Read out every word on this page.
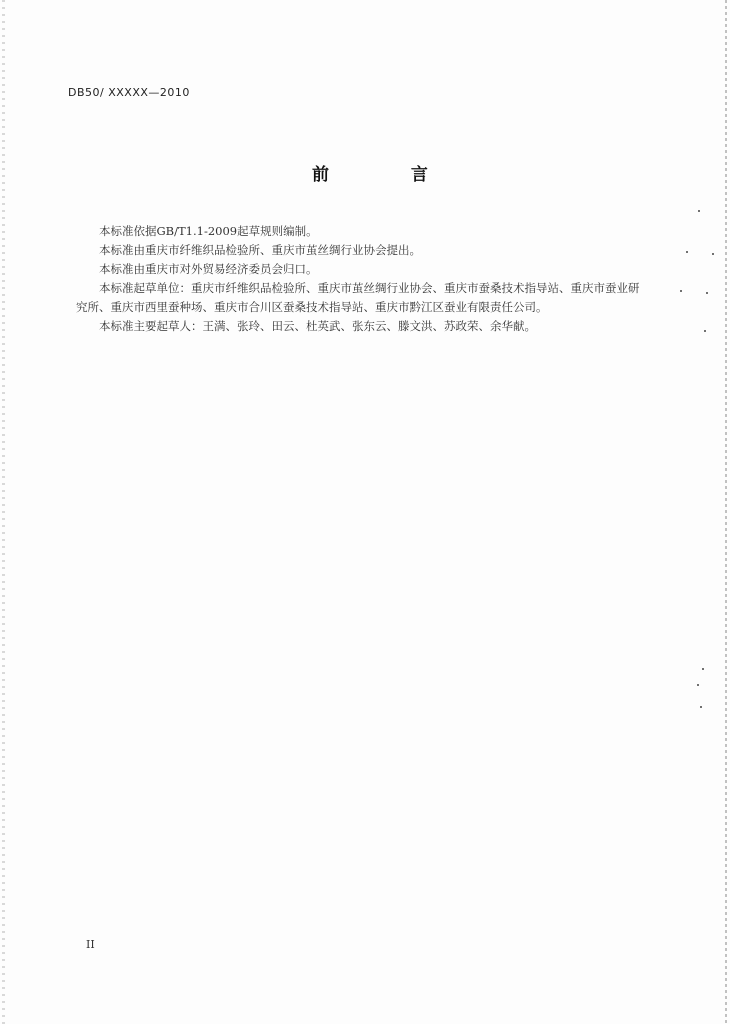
DB50/ XXXXX—2010
前 言

本标准依据GB/T1.1-2009起草规则编制。

本标准由重庆市纤维织品检验所、重庆市茧丝绸行业协会提出。

本标准由重庆市对外贸易经济委员会归口。

本标准起草单位：重庆市纤维织品检验所、重庆市茧丝绸行业协会、重庆市蚕桑技术指导站、重庆市蚕业研究所、重庆市西里蚕种场、重庆市合川区蚕桑技术指导站、重庆市黔江区蚕业有限责任公司。

本标准主要起草人：王满、张玲、田云、杜英武、张东云、滕文洪、苏政荣、余华献。

II
